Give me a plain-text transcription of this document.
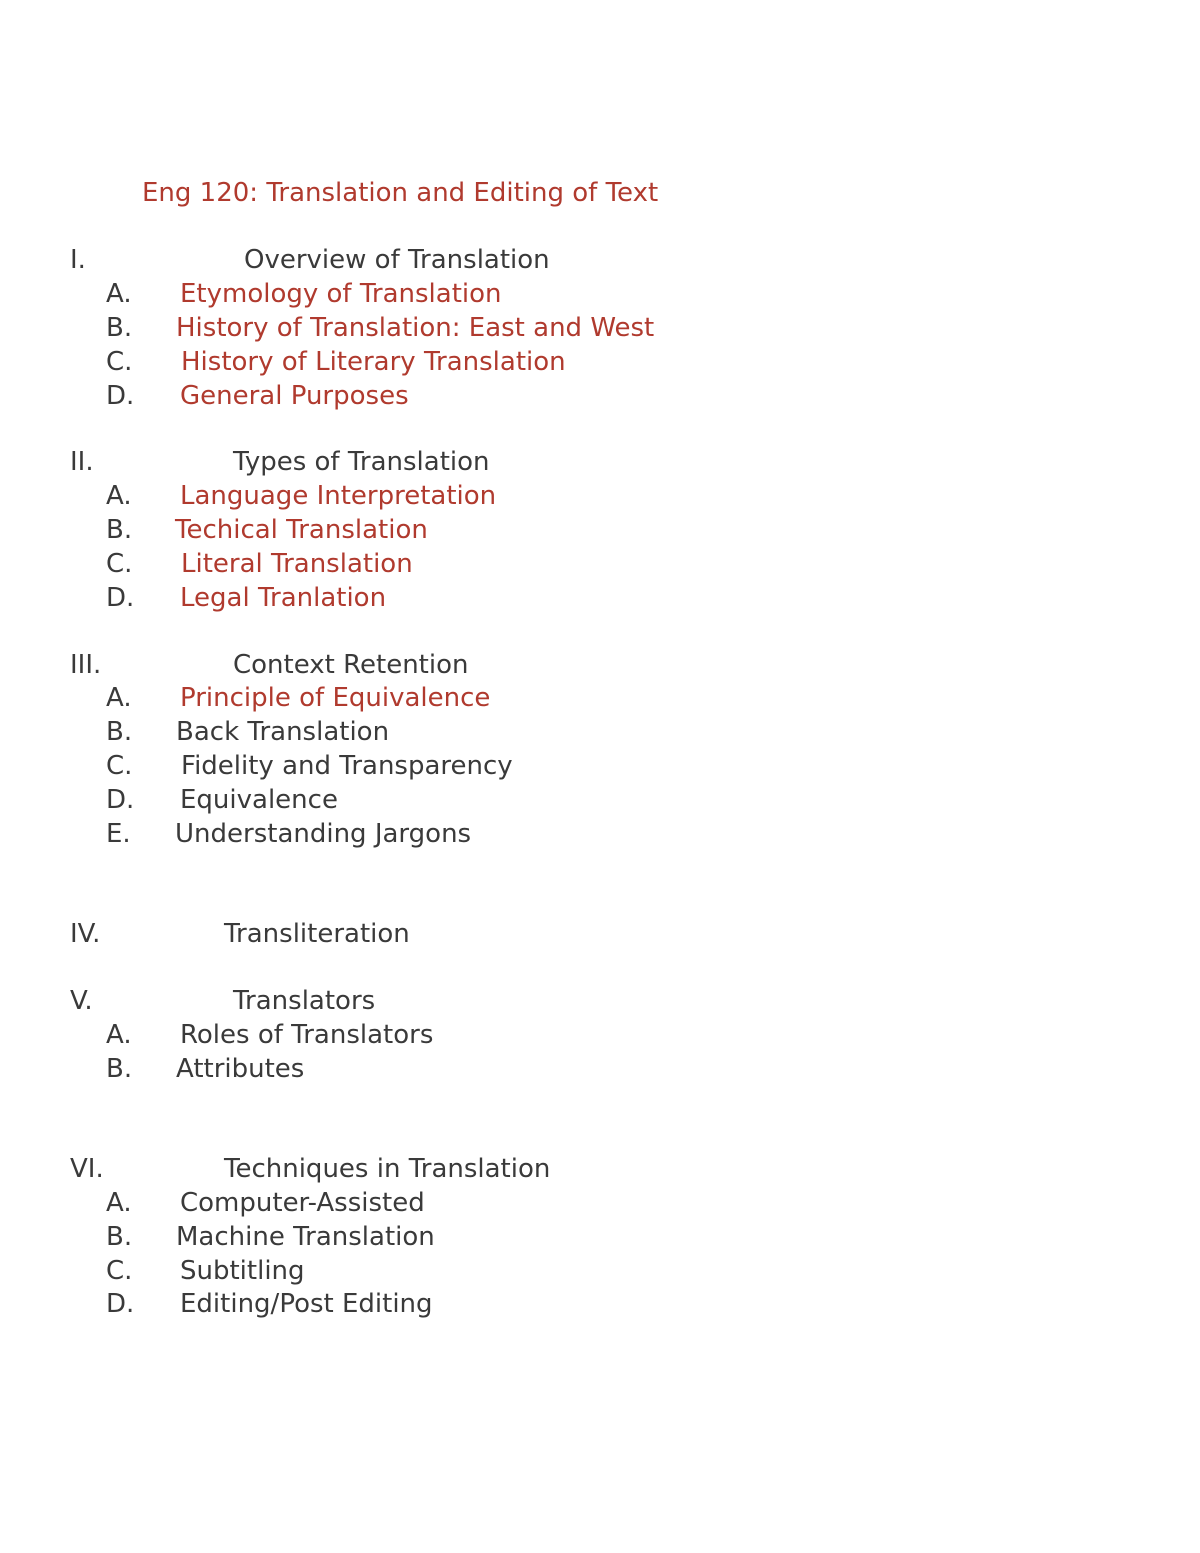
Eng 120: Translation and Editing of Text
I.	Overview of Translation
A. Etymology of Translation
B. History of Translation: East and West
C. History of Literary Translation
D. General Purposes
II.	Types of Translation
A. Language Interpretation
B. Techical Translation
C. Literal Translation
D. Legal Tranlation
III.	Context Retention
A. Principle of Equivalence
B. Back Translation
C. Fidelity and Transparency
D. Equivalence
E. Understanding Jargons
IV.	Transliteration
V.	Translators
A. Roles of Translators
B. Attributes
VI.	Techniques in Translation
A. Computer-Assisted
B. Machine Translation
C. Subtitling
D. Editing/Post Editing
